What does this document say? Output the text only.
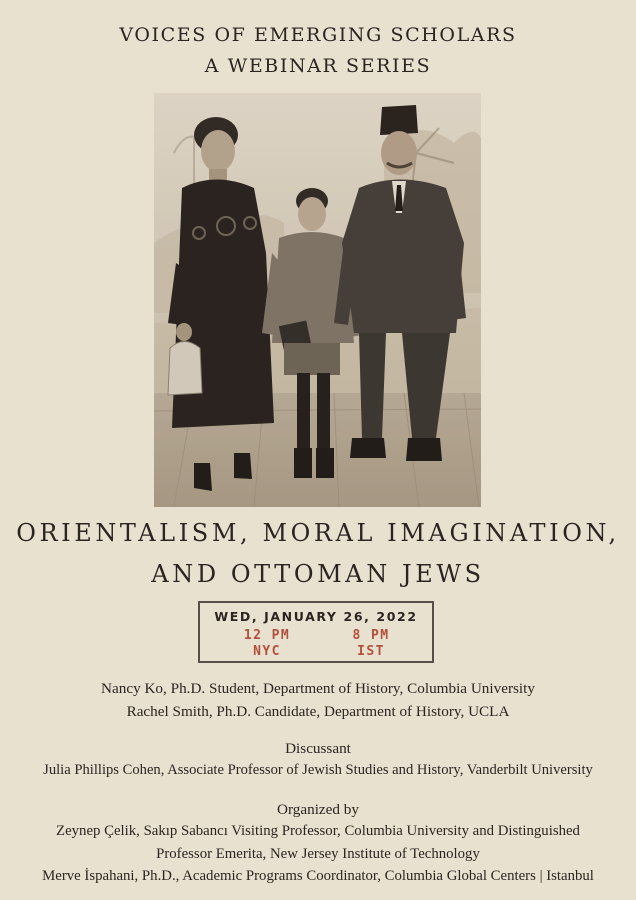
VOICES OF EMERGING SCHOLARS
A WEBINAR SERIES
ORIENTALISM, MORAL IMAGINATION,
AND OTTOMAN JEWS
WED, JANUARY 26, 2022
12 PM
NYC
8 PM
IST
Nancy Ko, Ph.D. Student, Department of History, Columbia University
Rachel Smith, Ph.D. Candidate, Department of History, UCLA
Discussant
Julia Phillips Cohen, Associate Professor of Jewish Studies and History, Vanderbilt University
Organized by
Zeynep Çelik, Sakıp Sabancı Visiting Professor, Columbia University and Distinguished
Professor Emerita, New Jersey Institute of Technology
Merve İspahani, Ph.D., Academic Programs Coordinator, Columbia Global Centers | Istanbul
